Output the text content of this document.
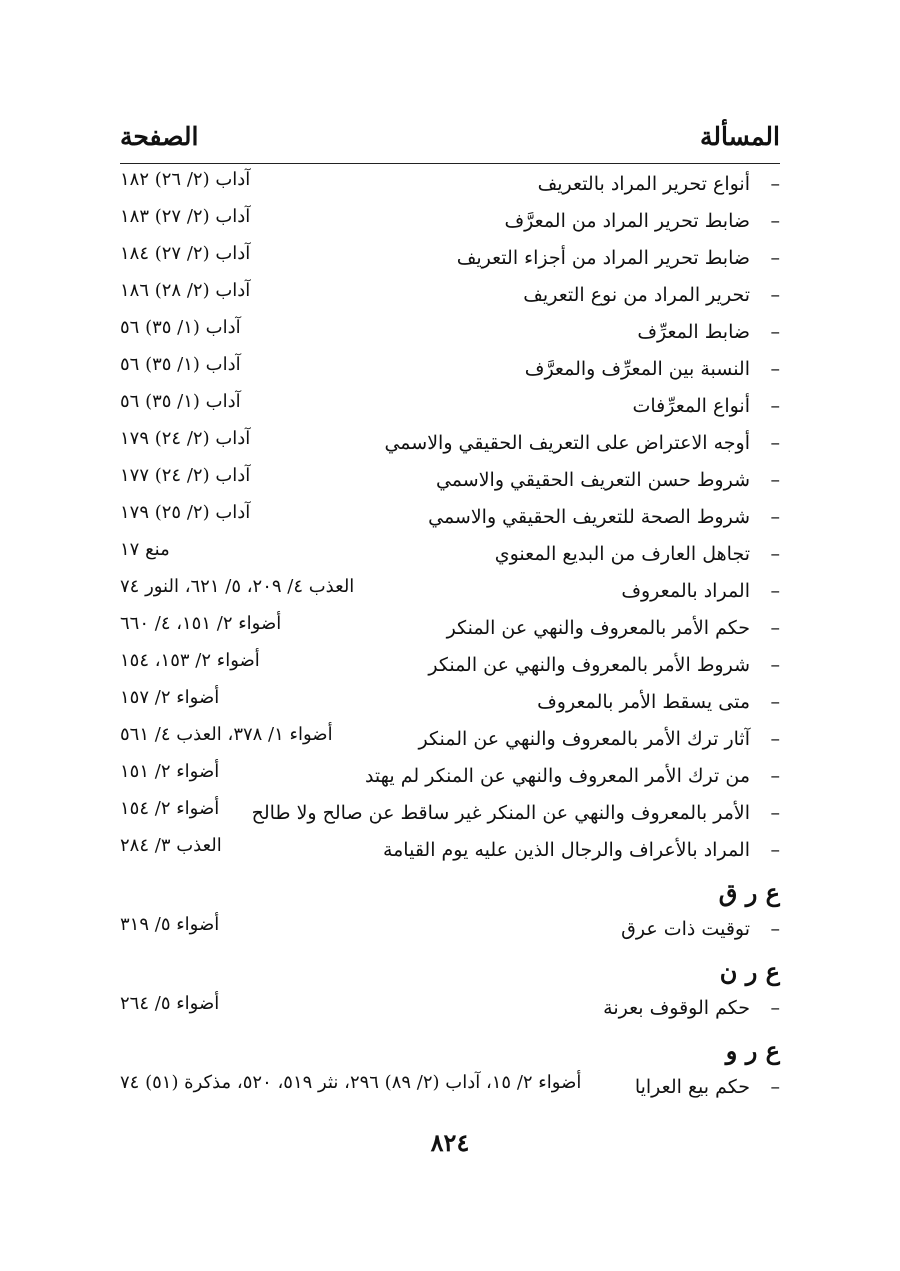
المسألة
الصفحة
–
أنواع تحرير المراد بالتعريف
آداب (٢/ ٢٦) ١٨٢
–
ضابط تحرير المراد من المعرَّف
آداب (٢/ ٢٧) ١٨٣
–
ضابط تحرير المراد من أجزاء التعريف
آداب (٢/ ٢٧) ١٨٤
–
تحرير المراد من نوع التعريف
آداب (٢/ ٢٨) ١٨٦
–
ضابط المعرِّف
آداب (١/ ٣٥) ٥٦
–
النسبة بين المعرِّف والمعرَّف
آداب (١/ ٣٥) ٥٦
–
أنواع المعرِّفات
آداب (١/ ٣٥) ٥٦
–
أوجه الاعتراض على التعريف الحقيقي والاسمي
آداب (٢/ ٢٤) ١٧٩
–
شروط حسن التعريف الحقيقي والاسمي
آداب (٢/ ٢٤) ١٧٧
–
شروط الصحة للتعريف الحقيقي والاسمي
آداب (٢/ ٢٥) ١٧٩
–
تجاهل العارف من البديع المعنوي
منع ١٧
–
المراد بالمعروف
العذب ٤/ ٢٠٩، ٥/ ٦٢١، النور ٧٤
–
حكم الأمر بالمعروف والنهي عن المنكر
أضواء ٢/ ١٥١، ٤/ ٦٦٠
–
شروط الأمر بالمعروف والنهي عن المنكر
أضواء ٢/ ١٥٣، ١٥٤
–
متى يسقط الأمر بالمعروف
أضواء ٢/ ١٥٧
–
آثار ترك الأمر بالمعروف والنهي عن المنكر
أضواء ١/ ٣٧٨، العذب ٤/ ٥٦١
–
من ترك الأمر المعروف والنهي عن المنكر لم يهتد
أضواء ٢/ ١٥١
–
الأمر بالمعروف والنهي عن المنكر غير ساقط عن صالح ولا طالح
أضواء ٢/ ١٥٤
–
المراد بالأعراف والرجال الذين عليه يوم القيامة
العذب ٣/ ٢٨٤
ع ر ق
–
توقيت ذات عرق
أضواء ٥/ ٣١٩
ع ر ن
–
حكم الوقوف بعرنة
أضواء ٥/ ٢٦٤
ع ر و
–
حكم بيع العرايا
أضواء ٢/ ١٥، آداب (٢/ ٨٩) ٢٩٦، نثر ٥١٩، ٥٢٠، مذكرة (٥١) ٧٤
٨٢٤
